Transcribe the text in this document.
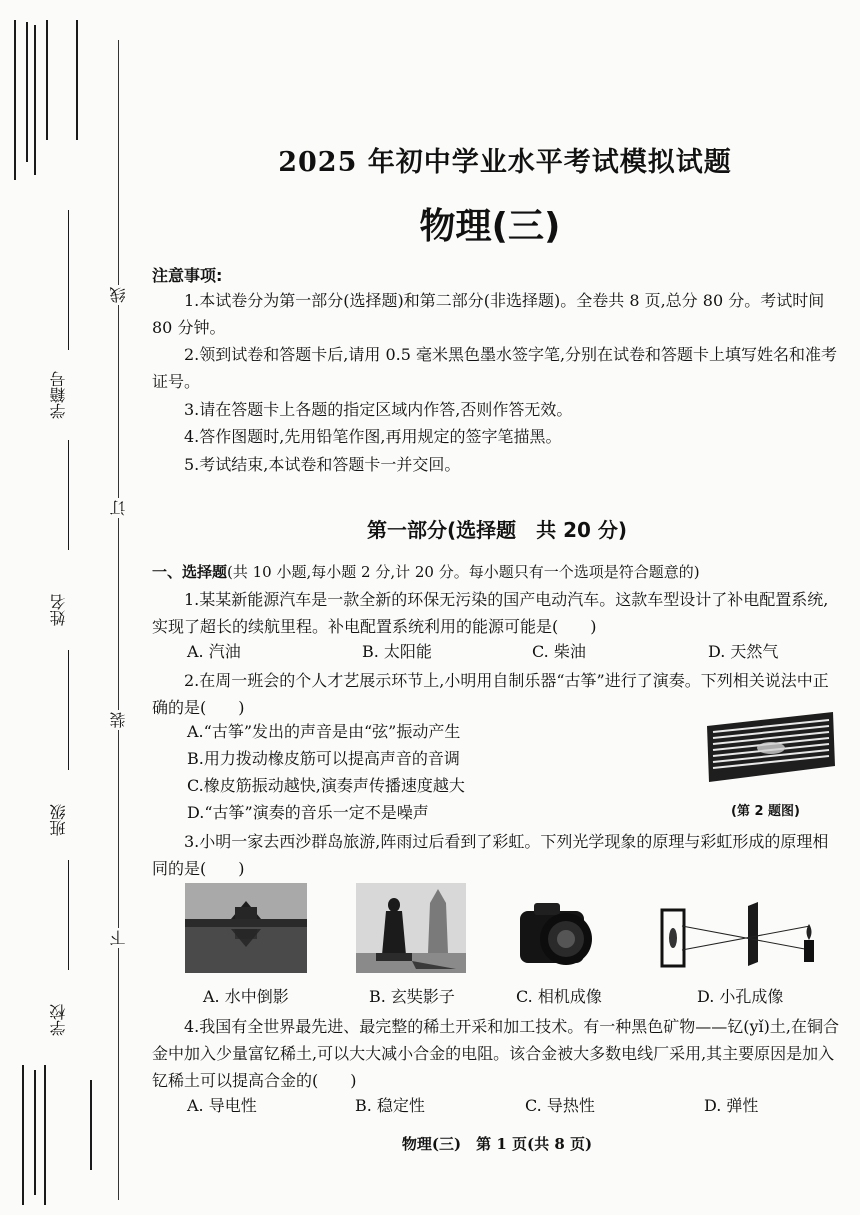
学籍号
姓名
班级
学校
线
订
装
下
2025 年初中学业水平考试模拟试题
物理(三)
注意事项:
1.本试卷分为第一部分(选择题)和第二部分(非选择题)。全卷共 8 页,总分 80 分。考试时间 80 分钟。
2.领到试卷和答题卡后,请用 0.5 毫米黑色墨水签字笔,分别在试卷和答题卡上填写姓名和准考证号。
3.请在答题卡上各题的指定区域内作答,否则作答无效。
4.答作图题时,先用铅笔作图,再用规定的签字笔描黑。
5.考试结束,本试卷和答题卡一并交回。
第一部分(选择题　共 20 分)
一、选择题(共 10 小题,每小题 2 分,计 20 分。每小题只有一个选项是符合题意的)
1.某某新能源汽车是一款全新的环保无污染的国产电动汽车。这款车型设计了补电配置系统,实现了超长的续航里程。补电配置系统利用的能源可能是(　　)
A. 汽油	B. 太阳能	C. 柴油	D. 天然气
2.在周一班会的个人才艺展示环节上,小明用自制乐器“古筝”进行了演奏。下列相关说法中正确的是(　　)
A.“古筝”发出的声音是由“弦”振动产生
B.用力拨动橡皮筋可以提高声音的音调
C.橡皮筋振动越快,演奏声传播速度越大
D.“古筝”演奏的音乐一定不是噪声	(第 2 题图)
3.小明一家去西沙群岛旅游,阵雨过后看到了彩虹。下列光学现象的原理与彩虹形成的原理相同的是(　　)
A. 水中倒影	B. 玄奘影子	C. 相机成像	D. 小孔成像
4.我国有全世界最先进、最完整的稀土开采和加工技术。有一种黑色矿物——钇(yǐ)土,在铜合金中加入少量富钇稀土,可以大大减小合金的电阻。该合金被大多数电线厂采用,其主要原因是加入钇稀土可以提高合金的(　　)
A. 导电性	B. 稳定性	C. 导热性	D. 弹性
物理(三)　第 1 页(共 8 页)
